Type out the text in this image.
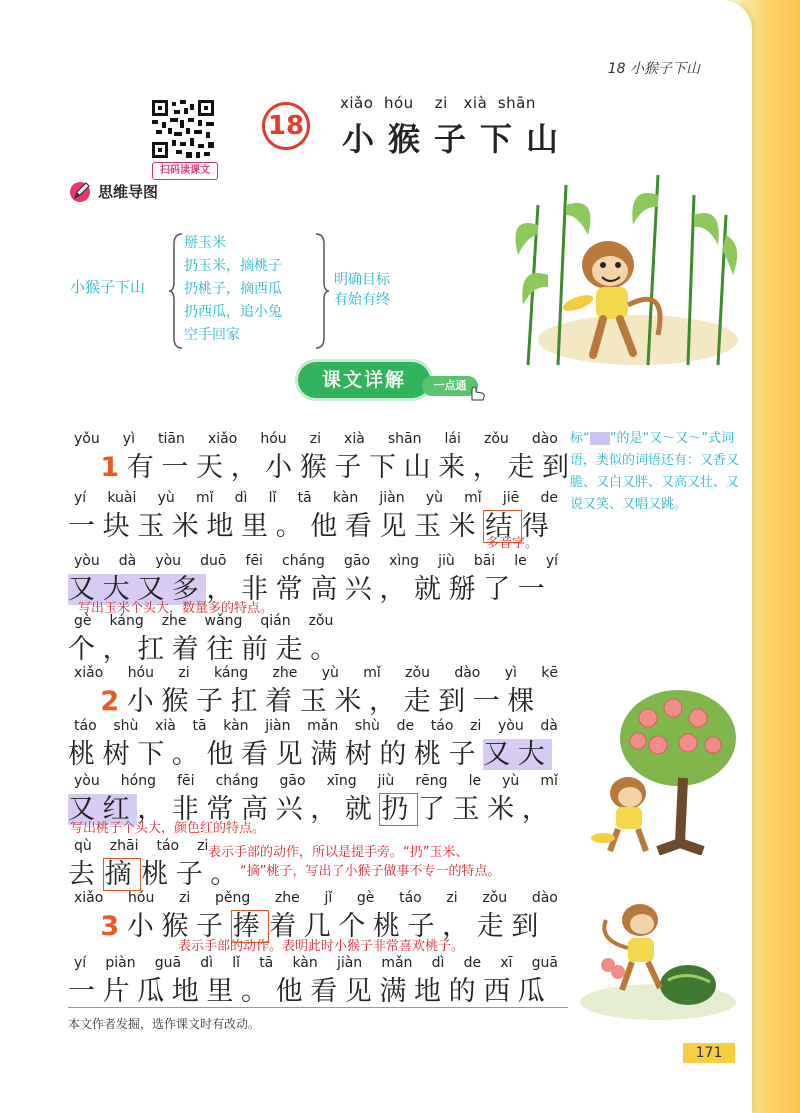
18 小猴子下山
扫码读课文
18
xiǎo  hóu    zi   xià  shān
小猴子下山
思维导图
小猴子下山
掰玉米
扔玉米，摘桃子
扔桃子，摘西瓜
扔西瓜，追小兔
空手回家
明确目标
有始有终
课文详解	一点通
标“ ”的是“又～又～”式词语，类似的词语还有：又香又脆、又白又胖、又高又壮、又说又笑、又唱又跳。
yǒu yì tiān xiǎo hóu zi xià shān lái zǒu dào
1有一天，小猴子下山来，走到
yí kuài yù mǐ dì lǐ tā kàn jiàn yù mǐ jiē de
一块玉米地里。他看见玉米结得
多音字。
yòu dà yòu duō fēi cháng gāo xìng jiù bāi le yí
又大又多，非常高兴，就掰了一
写出玉米个头大，数量多的特点。
gè káng zhe wǎng qián zǒu
个，扛着往前走。
xiǎo hóu zi káng zhe yù mǐ zǒu dào yì kē
2小猴子扛着玉米，走到一棵
táo shù xià tā kàn jiàn mǎn shù de táo zi yòu dà
桃树下。他看见满树的桃子又大
yòu hóng fēi cháng gāo xīng jiù rēng le yù mǐ
又红，非常高兴，就扔了玉米，
写出桃子个头大，颜色红的特点。
qù zhāi táo zi
去摘桃子。
表示手部的动作，所以是提手旁。“扔”玉米、
“摘”桃子，写出了小猴子做事不专一的特点。
xiǎo hóu zi pěng zhe jǐ gè táo zi zǒu dào
3小猴子捧着几个桃子，走到
表示手部的动作。表明此时小猴子非常喜欢桃子。
yí piàn guā dì lǐ tā kàn jiàn mǎn dì de xī guā
一片瓜地里。他看见满地的西瓜
本文作者发掘，选作课文时有改动。
171
